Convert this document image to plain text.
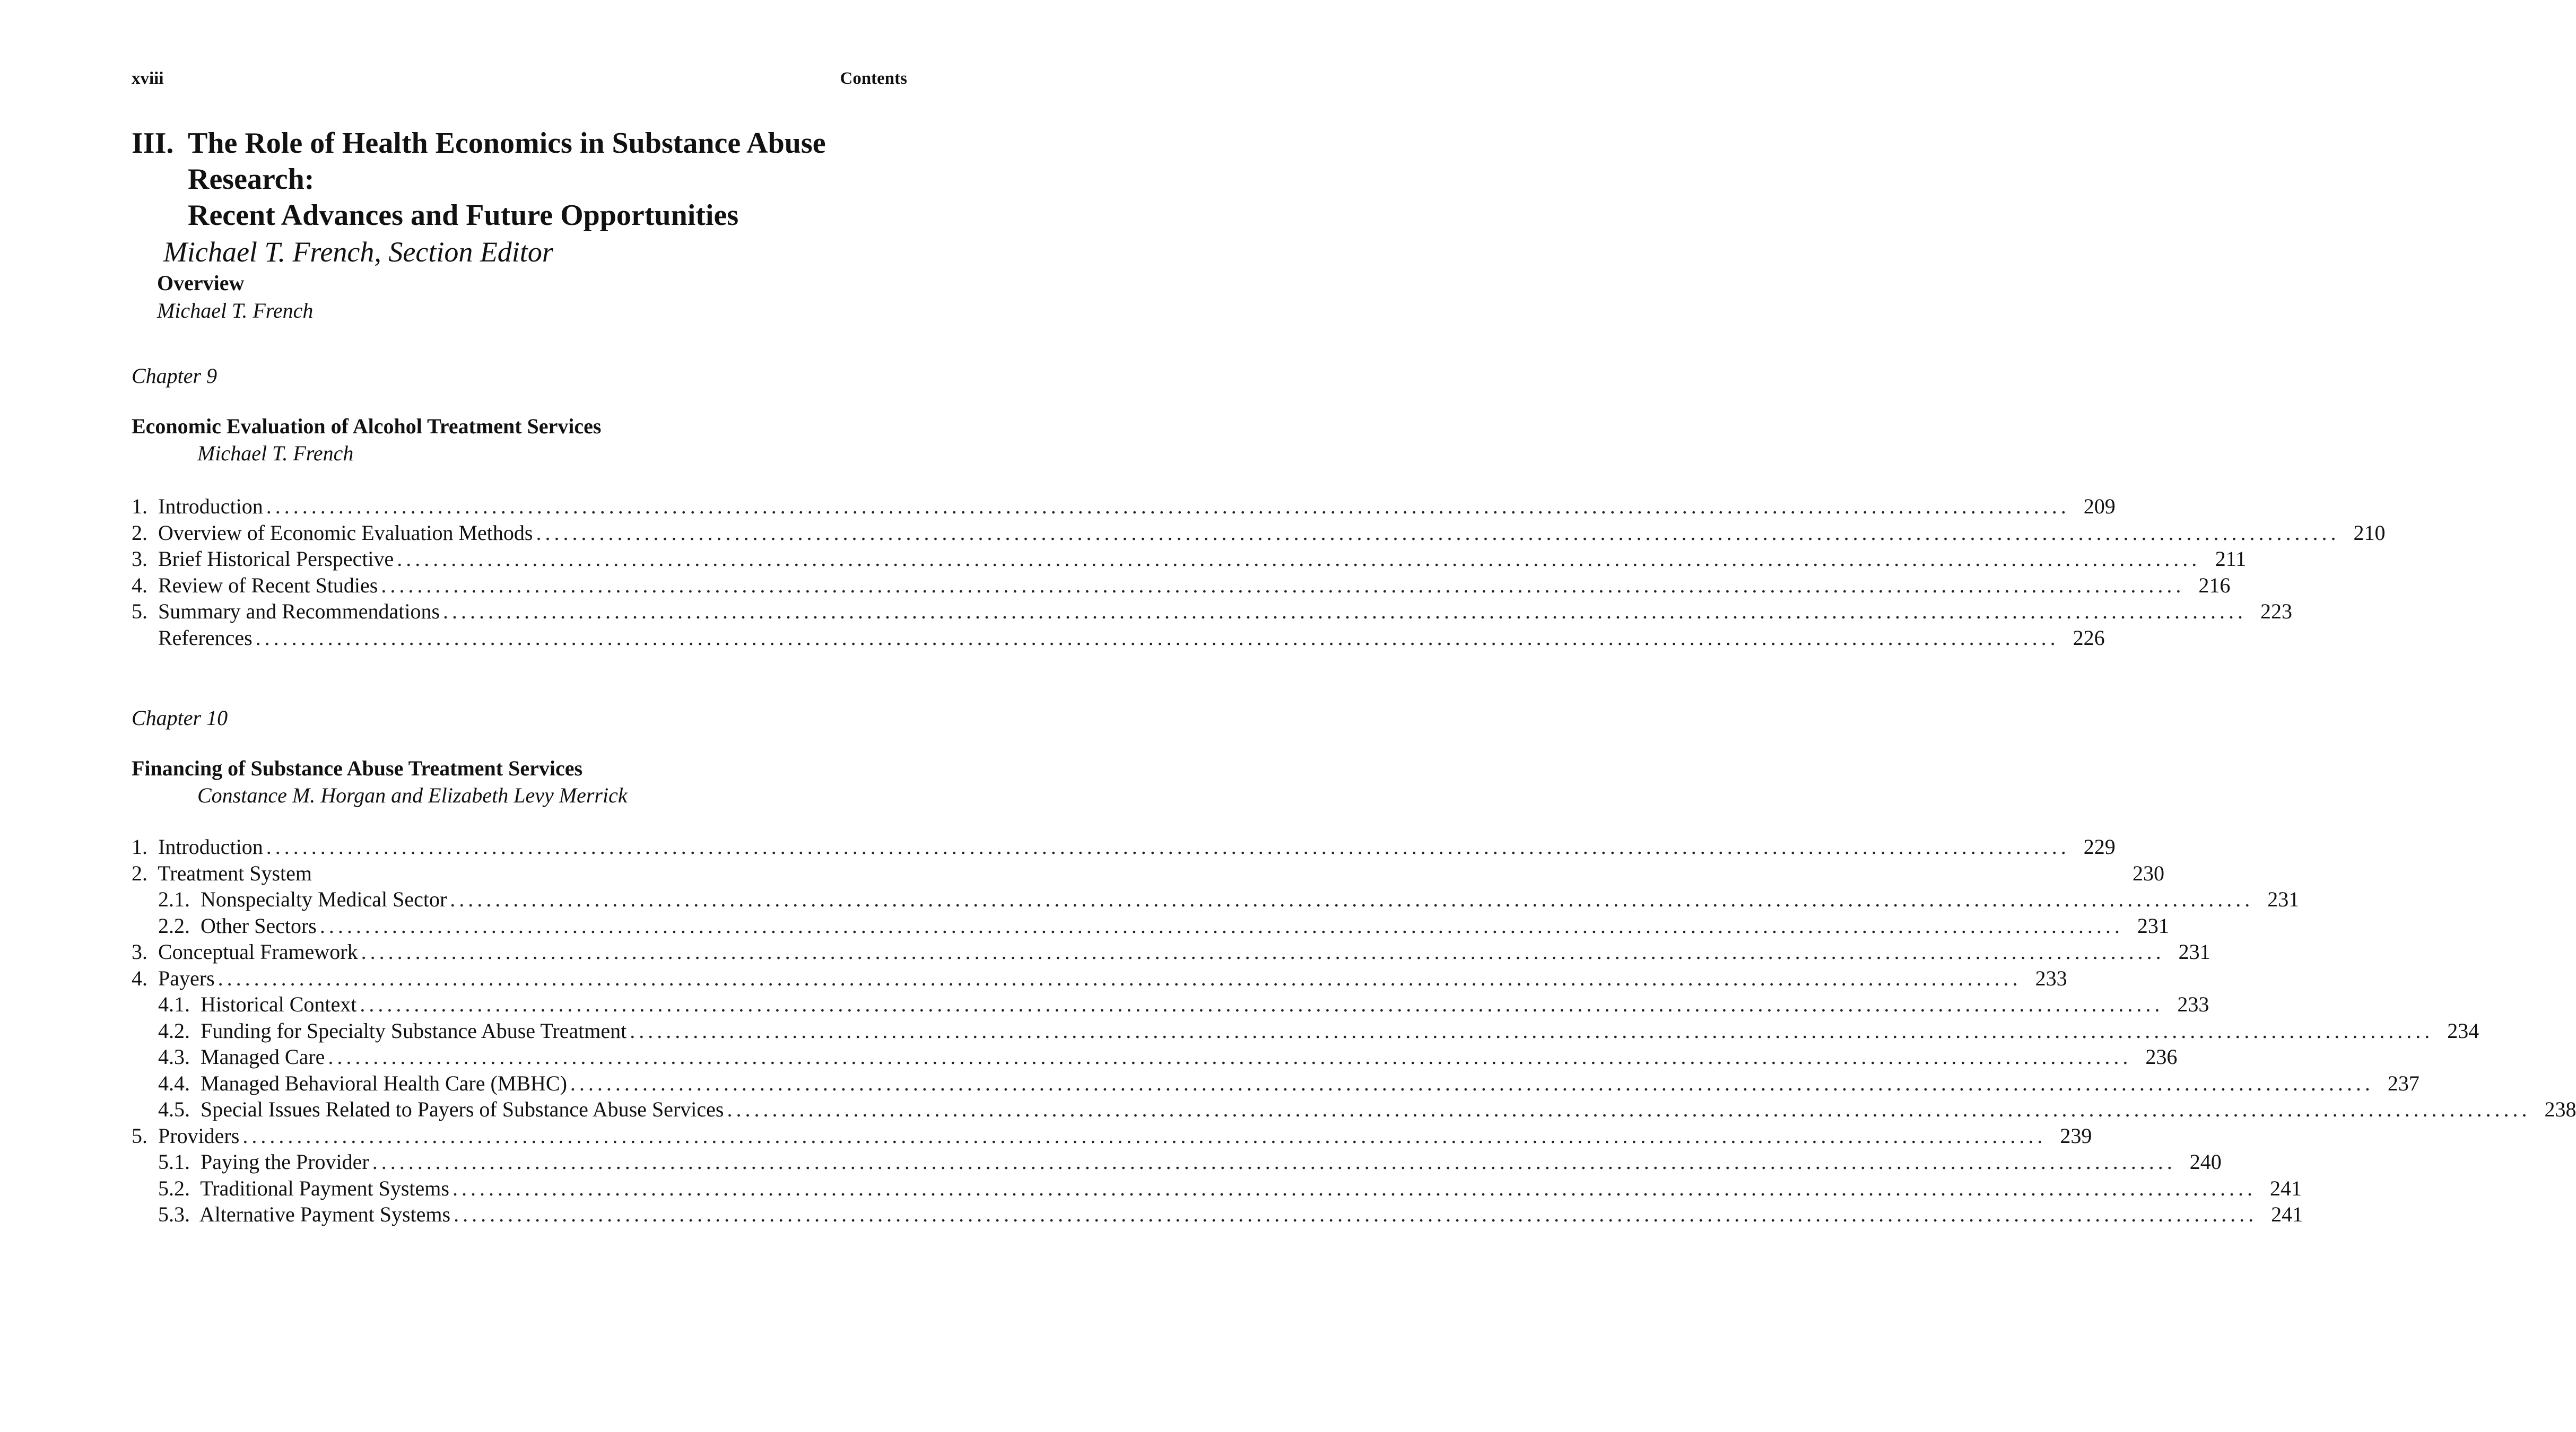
xviii	Contents
III. The Role of Health Economics in Substance Abuse Research:
Recent Advances and Future Opportunities
Michael T. French, Section Editor
Overview
Michael T. French
Chapter 9
Economic Evaluation of Alcohol Treatment Services
Michael T. French
1.  Introduction ........................................................................................................................................................................................................ 209
2.  Overview of Economic Evaluation Methods ........................................................................................................................................................................................................ 210
3.  Brief Historical Perspective ........................................................................................................................................................................................................ 211
4.  Review of Recent Studies ........................................................................................................................................................................................................ 216
5.  Summary and Recommendations ........................................................................................................................................................................................................ 223
References ........................................................................................................................................................................................................ 226
Chapter 10
Financing of Substance Abuse Treatment Services
Constance M. Horgan and Elizabeth Levy Merrick
1.  Introduction ........................................................................................................................................................................................................ 229
2.  Treatment System	230
2.1.  Nonspecialty Medical Sector ........................................................................................................................................................................................................ 231
2.2.  Other Sectors ........................................................................................................................................................................................................ 231
3.  Conceptual Framework ........................................................................................................................................................................................................ 231
4.  Payers ........................................................................................................................................................................................................ 233
4.1.  Historical Context ........................................................................................................................................................................................................ 233
4.2.  Funding for Specialty Substance Abuse Treatment ........................................................................................................................................................................................................ 234
4.3.  Managed Care ........................................................................................................................................................................................................ 236
4.4.  Managed Behavioral Health Care (MBHC) ........................................................................................................................................................................................................ 237
4.5.  Special Issues Related to Payers of Substance Abuse Services ........................................................................................................................................................................................................ 238
5.  Providers ........................................................................................................................................................................................................ 239
5.1.  Paying the Provider ........................................................................................................................................................................................................ 240
5.2.  Traditional Payment Systems ........................................................................................................................................................................................................ 241
5.3.  Alternative Payment Systems ........................................................................................................................................................................................................ 241
